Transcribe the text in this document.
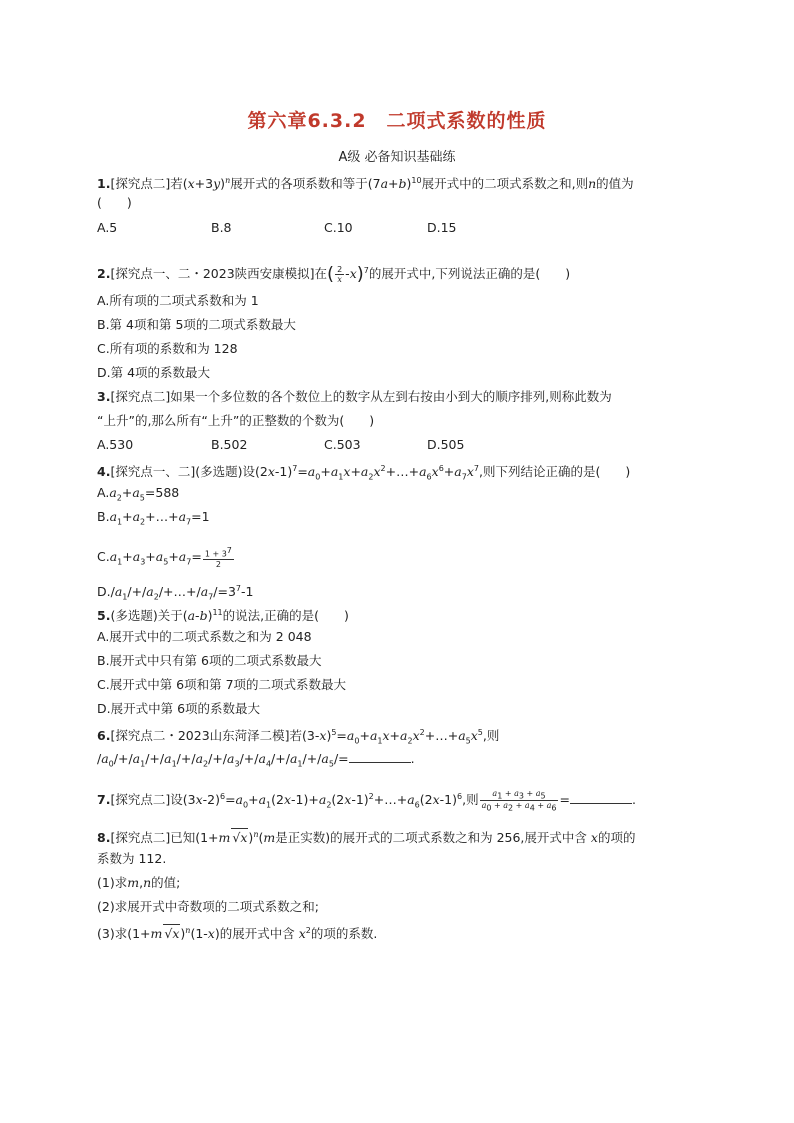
第六章6.3.2　二项式系数的性质
A级 必备知识基础练
1.[探究点二]若$(x+3y)^n$展开式的各项系数和等于$(7a+b)^{10}$展开式中的二项式系数之和,则n的值为
(　　)
A.5	B.8	C.10	D.15
2.[探究点一、二・2023陕西安康模拟]在( $\frac{2}{x} -x)^7$的展开式中,下列说法正确的是(　　)
A.所有项的二项式系数和为 1
B.第 4项和第 5项的二项式系数最大
C.所有项的系数和为 128
D.第 4项的系数最大
3.[探究点二]如果一个多位数的各个数位上的数字从左到右按由小到大的顺序排列,则称此数为
“上升”的,那么所有“上升”的正整数的个数为(　　)
A.530	B.502	C.503	D.505
4.[探究点一、二](多选题)设$(2x-1)^7=a_0+a_1x+a_2x^2+\dots+a_6x^6+a_7x^7$,则下列结论正确的是(　　)
$A.a_2+a_5=588$
$B.a_1+a_2+\dots+a_7=1$
$C.a_1+a_3+a_5+a_7= \frac{1 + 3^7}{2}$
$D./a_1/+/a_2/+\dots+/a_7/=3^7-1$
5.(多选题)关于$(a-b)^{11}$的说法,正确的是(　　)
A.展开式中的二项式系数之和为 2 048
B.展开式中只有第 6项的二项式系数最大
C.展开式中第 6项和第 7项的二项式系数最大
D.展开式中第 6项的系数最大
6.[探究点二・2023山东菏泽二模]若$(3-x)^5=a_0+a_1x+a_2x^2+\dots+a_5x^5$,则
$/a_0/+/a_1/+/a_1/+/a_2/+/a_3/+/a_4/+/a_1/+/a_5/=$	.
7.[探究点二]设$(3x-2)^6=a_0+a_1(2x-1)+a_2(2x-1)^2+\dots+a_6(2x-1)^6$,则 $\frac{a_1 + a_3 + a_5}{a_0 + a_2 + a_4 + a_6}$ =	.
8.[探究点二]已知(1+m √x)$^n$(m是正实数)的展开式的二项式系数之和为 256,展开式中含 x的项的
系数为 112.
(1)求m,n的值;
(2)求展开式中奇数项的二项式系数之和;
(3)求(1+m √x)$^n$(1-x)的展开式中含 $x^2$的项的系数.
